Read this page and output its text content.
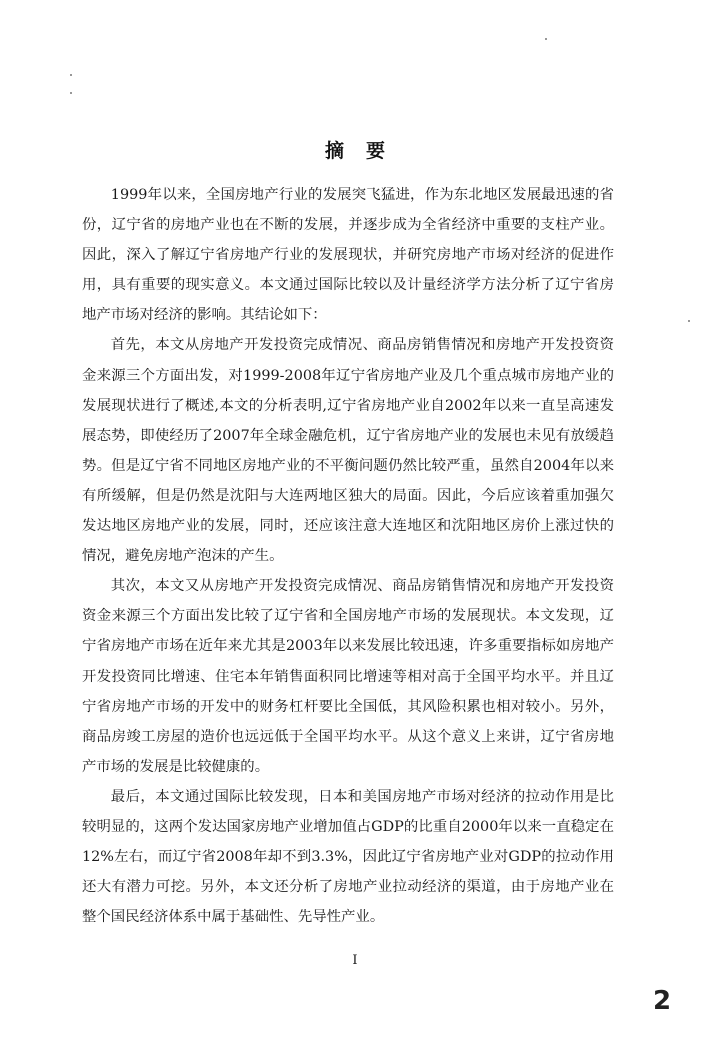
摘要

1999年以来，全国房地产行业的发展突飞猛进，作为东北地区发展最迅速的省份，辽宁省的房地产业也在不断的发展，并逐步成为全省经济中重要的支柱产业。因此，深入了解辽宁省房地产行业的发展现状，并研究房地产市场对经济的促进作用，具有重要的现实意义。本文通过国际比较以及计量经济学方法分析了辽宁省房地产市场对经济的影响。其结论如下：

首先，本文从房地产开发投资完成情况、商品房销售情况和房地产开发投资资金来源三个方面出发，对1999-2008年辽宁省房地产业及几个重点城市房地产业的发展现状进行了概述,本文的分析表明,辽宁省房地产业自2002年以来一直呈高速发展态势，即使经历了2007年全球金融危机，辽宁省房地产业的发展也未见有放缓趋势。但是辽宁省不同地区房地产业的不平衡问题仍然比较严重，虽然自2004年以来有所缓解，但是仍然是沈阳与大连两地区独大的局面。因此，今后应该着重加强欠发达地区房地产业的发展，同时，还应该注意大连地区和沈阳地区房价上涨过快的情况，避免房地产泡沫的产生。

其次，本文又从房地产开发投资完成情况、商品房销售情况和房地产开发投资资金来源三个方面出发比较了辽宁省和全国房地产市场的发展现状。本文发现，辽宁省房地产市场在近年来尤其是2003年以来发展比较迅速，许多重要指标如房地产开发投资同比增速、住宅本年销售面积同比增速等相对高于全国平均水平。并且辽宁省房地产市场的开发中的财务杠杆要比全国低，其风险积累也相对较小。另外，商品房竣工房屋的造价也远远低于全国平均水平。从这个意义上来讲，辽宁省房地产市场的发展是比较健康的。

最后，本文通过国际比较发现，日本和美国房地产市场对经济的拉动作用是比较明显的，这两个发达国家房地产业增加值占GDP的比重自2000年以来一直稳定在12%左右，而辽宁省2008年却不到3.3%，因此辽宁省房地产业对GDP的拉动作用还大有潜力可挖。另外，本文还分析了房地产业拉动经济的渠道，由于房地产业在整个国民经济体系中属于基础性、先导性产业。

I
2
